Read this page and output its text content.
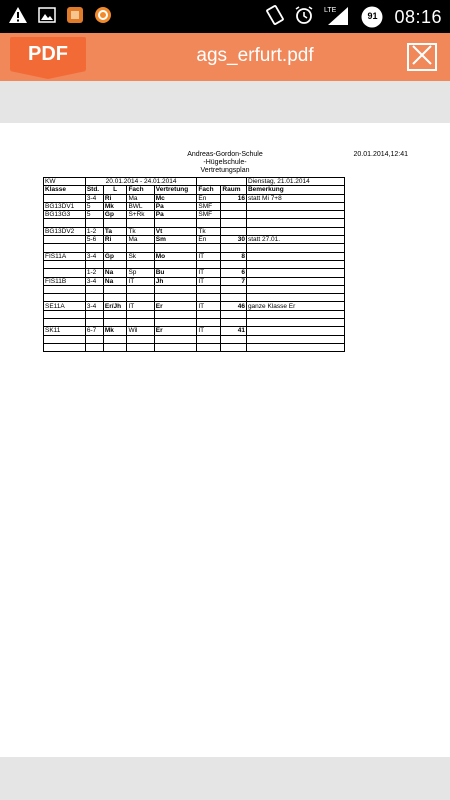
LTE
91 08:16
PDF	ags_erfurt.pdf
Andreas-Gordon-Schule
-Hügelschule-
Vertretungsplan
20.01.2014,12:41
KW	20.01.2014 - 24.01.2014						Dienstag, 21.01.2014
Klasse	Std.	L	Fach	Vertretung	Fach	Raum	Bemerkung
	3-4	Ri	Ma	Mc	En	16	statt Mi 7+8
BG13DV1	5	Mk	BWL	Pa	SMF		
BG13G3	5	Gp	S+Rk	Pa	SMF		

BG13DV2	1-2	Ta	Tk	Vt	Tk		
	5-6	Ri	Ma	Sm	En	30	statt 27.01.

FIS11A	3-4	Gp	Sk	Mo	IT	8	

	1-2	Na	Sp	Bu	IT	6	
FIS11B	3-4	Na	IT	Jh	IT	7	

SE11A	3-4	Er/Jh	IT	Er	IT	46	ganze Klasse Er

SK11	6-7	Mk	Wil	Er	IT	41	
